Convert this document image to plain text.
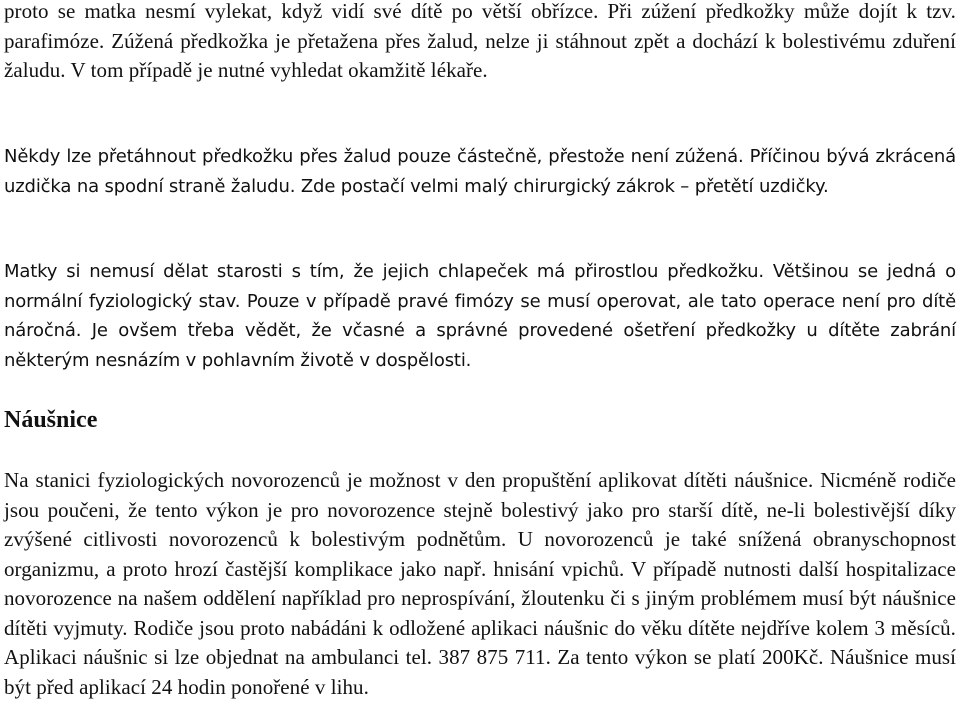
proto se matka nesmí vylekat, když vidí své dítě po větší obřízce. Při zúžení předkožky může dojít k tzv. parafimóze. Zúžená předkožka je přetažena přes žalud, nelze ji stáhnout zpět a dochází k bolestivému zduření žaludu. V tom případě je nutné vyhledat okamžitě lékaře.

Někdy lze přetáhnout předkožku přes žalud pouze částečně, přestože není zúžená. Příčinou bývá zkrácená uzdička na spodní straně žaludu. Zde postačí velmi malý chirurgický zákrok – přetětí uzdičky.

Matky si nemusí dělat starosti s tím, že jejich chlapeček má přirostlou předkožku. Většinou se jedná o normální fyziologický stav. Pouze v případě pravé fimózy se musí operovat, ale tato operace není pro dítě náročná. Je ovšem třeba vědět, že včasné a správné provedené ošetření předkožky u dítěte zabrání některým nesnázím v pohlavním životě v dospělosti.

Náušnice

Na stanici fyziologických novorozenců je možnost v den propuštění aplikovat dítěti náušnice. Nicméně rodiče jsou poučeni, že tento výkon je pro novorozence stejně bolestivý jako pro starší dítě, ne-li bolestivější díky zvýšené citlivosti novorozenců k bolestivým podnětům. U novorozenců je také snížená obranyschopnost organizmu, a proto hrozí častější komplikace jako např. hnisání vpichů. V případě nutnosti další hospitalizace novorozence na našem oddělení například pro neprospívání, žloutenku či s jiným problémem musí být náušnice dítěti vyjmuty. Rodiče jsou proto nabádáni k odložené aplikaci náušnic do věku dítěte nejdříve kolem 3 měsíců. Aplikaci náušnic si lze objednat na ambulanci tel. 387 875 711. Za tento výkon se platí 200Kč. Náušnice musí být před aplikací 24 hodin ponořené v lihu.
